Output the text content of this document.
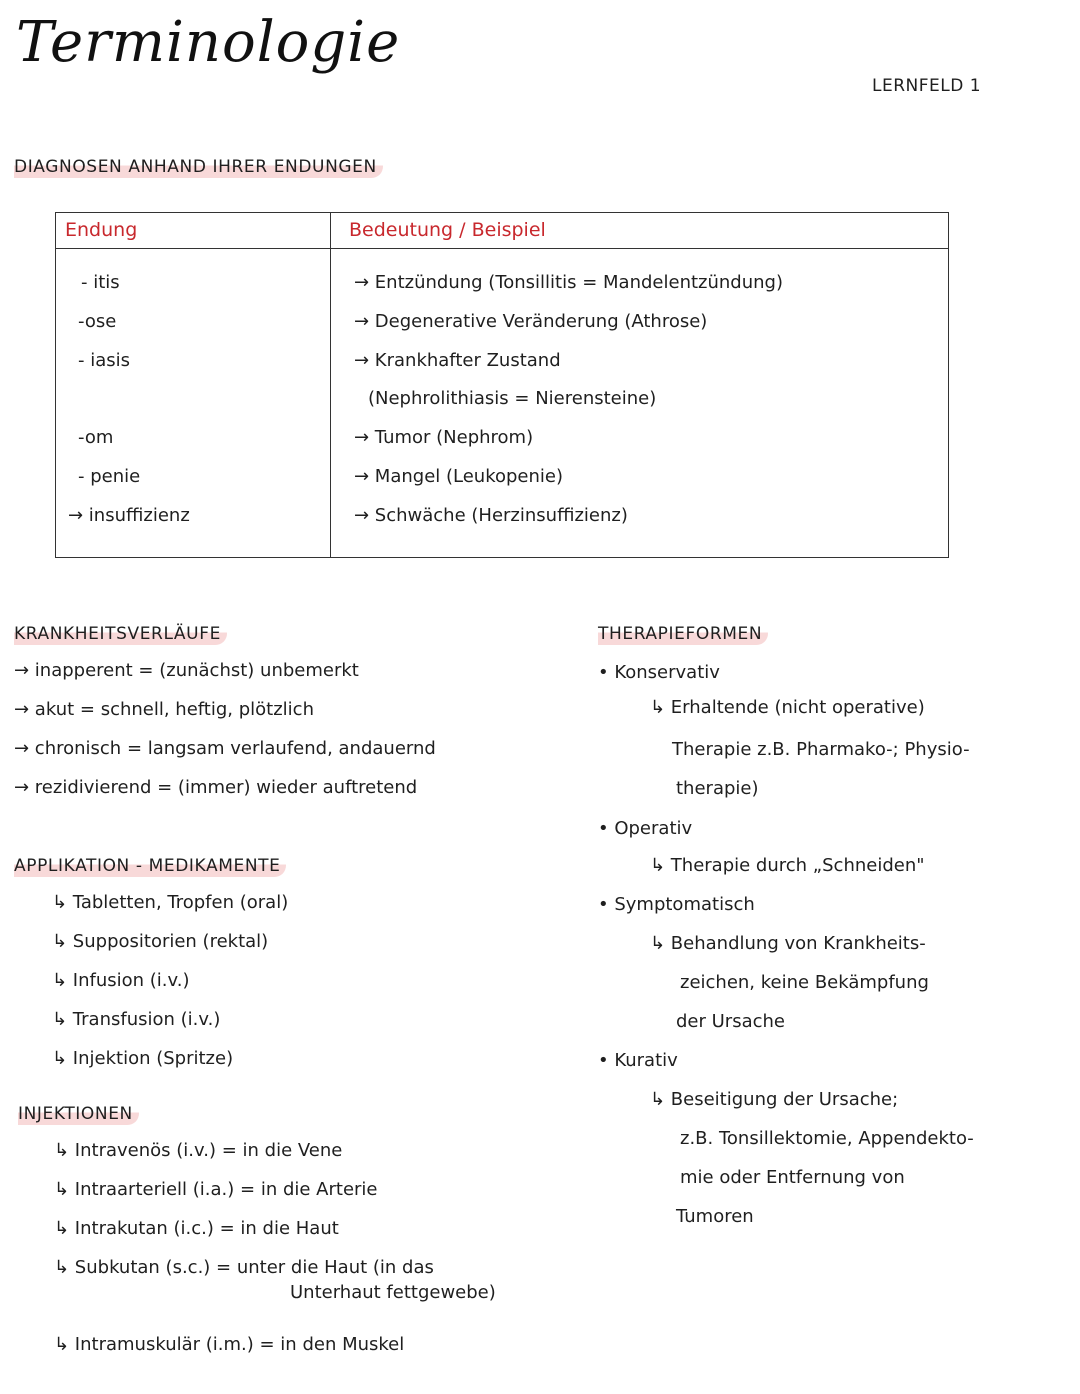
Terminologie
LERNFELD 1
DIAGNOSEN ANHAND IHRER ENDUNGEN
Endung	Bedeutung / Beispiel
- itis	→ Entzündung (Tonsillitis = Mandelentzündung)
-ose	→ Degenerative Veränderung (Athrose)
- iasis	→ Krankhafter Zustand
(Nephrolithiasis = Nierensteine)
-om	→ Tumor (Nephrom)
- penie	→ Mangel (Leukopenie)
→ insuffizienz	→ Schwäche (Herzinsuffizienz)
KRANKHEITSVERLÄUFE
→ inapperent = (zunächst) unbemerkt
→ akut = schnell, heftig, plötzlich
→ chronisch = langsam verlaufend, andauernd
→ rezidivierend = (immer) wieder auftretend
APPLIKATION - MEDIKAMENTE
↳ Tabletten, Tropfen (oral)
↳ Suppositorien (rektal)
↳ Infusion (i.v.)
↳ Transfusion (i.v.)
↳ Injektion (Spritze)
INJEKTIONEN
↳ Intravenös (i.v.) = in die Vene
↳ Intraarteriell (i.a.) = in die Arterie
↳ Intrakutan (i.c.) = in die Haut
↳ Subkutan (s.c.) = unter die Haut (in das
Unterhaut fettgewebe)
↳ Intramuskulär (i.m.) = in den Muskel
THERAPIEFORMEN
• Konservativ
↳ Erhaltende (nicht operative)
Therapie z.B. Pharmako-; Physio-
therapie)
• Operativ
↳ Therapie durch „Schneiden"
• Symptomatisch
↳ Behandlung von Krankheits-
zeichen, keine Bekämpfung
der Ursache
• Kurativ
↳ Beseitigung der Ursache;
z.B. Tonsillektomie, Appendekto-
mie oder Entfernung von
Tumoren
